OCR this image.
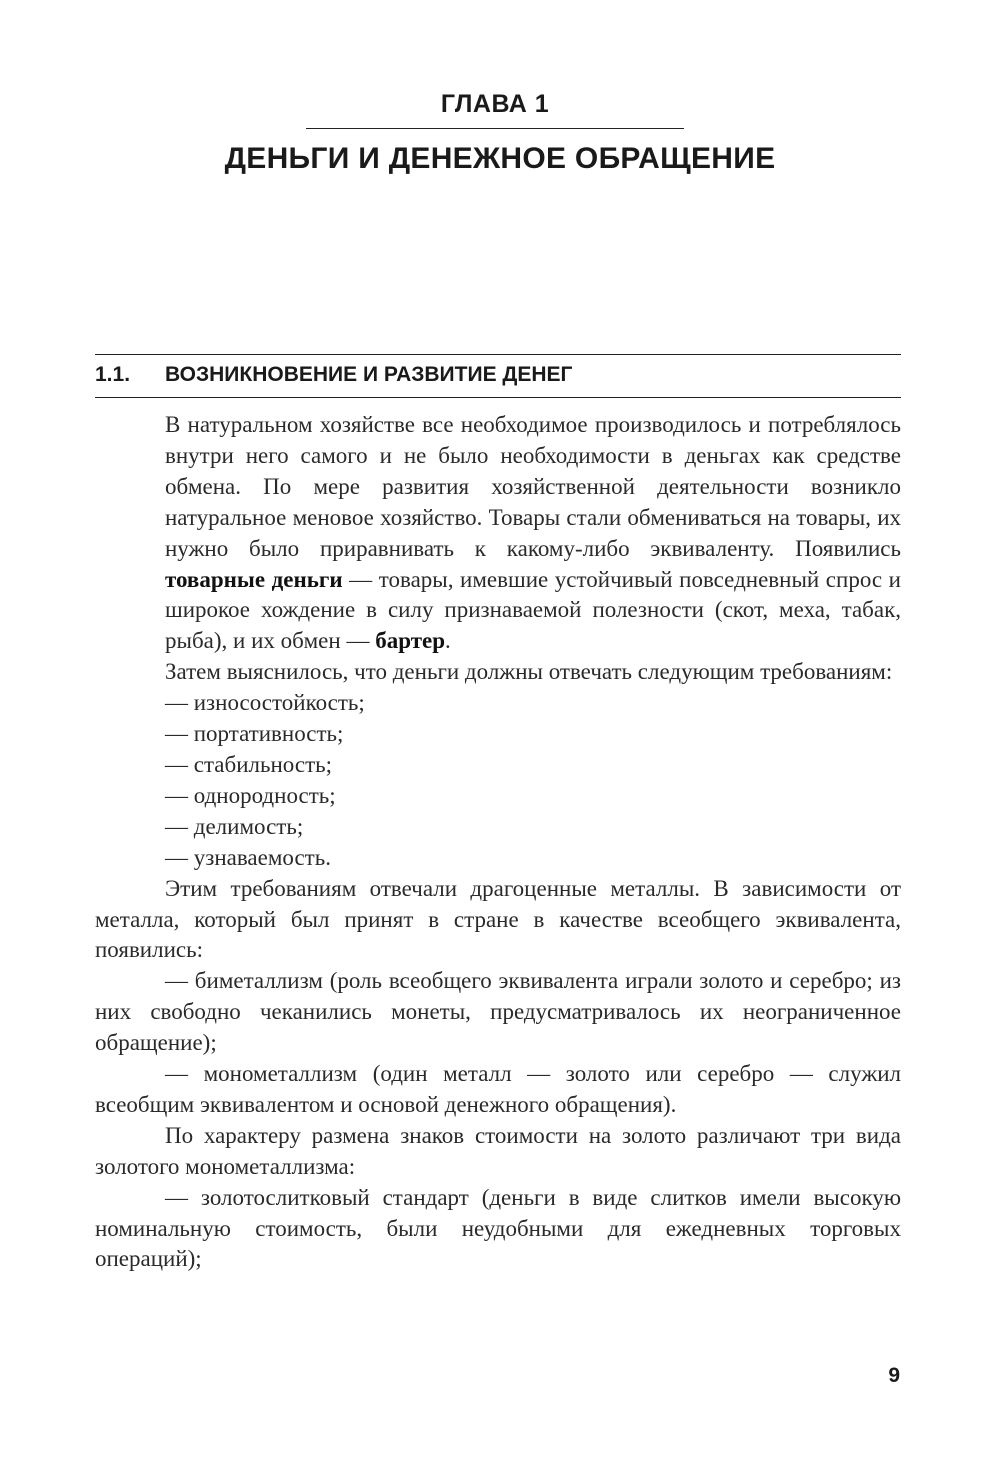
ГЛАВА 1
ДЕНЬГИ И ДЕНЕЖНОЕ ОБРАЩЕНИЕ
1.1. ВОЗНИКНОВЕНИЕ И РАЗВИТИЕ ДЕНЕГ

В натуральном хозяйстве все необходимое производилось и потреблялось внутри него самого и не было необходимости в деньгах как средстве обмена. По мере развития хозяйственной деятельности возникло натуральное меновое хозяйство. Товары стали обмениваться на товары, их нужно было приравнивать к какому-либо эквиваленту. Появились товарные деньги — товары, имевшие устойчивый повседневный спрос и широкое хождение в силу признаваемой полезности (скот, меха, табак, рыба), и их обмен — бартер.

Затем выяснилось, что деньги должны отвечать следующим требованиям:

— износостойкость;

— портативность;

— стабильность;

— однородность;

— делимость;

— узнаваемость.

Этим требованиям отвечали драгоценные металлы. В зависимости от металла, который был принят в стране в качестве всеобщего эквивалента, появились:

— биметаллизм (роль всеобщего эквивалента играли золото и серебро; из них свободно чеканились монеты, предусматривалось их неограниченное обращение);

— монометаллизм (один металл — золото или серебро — служил всеобщим эквивалентом и основой денежного обращения).

По характеру размена знаков стоимости на золото различают три вида золотого монометаллизма:

— золотослитковый стандарт (деньги в виде слитков имели высокую номинальную стоимость, были неудобными для ежедневных торговых операций);

9
